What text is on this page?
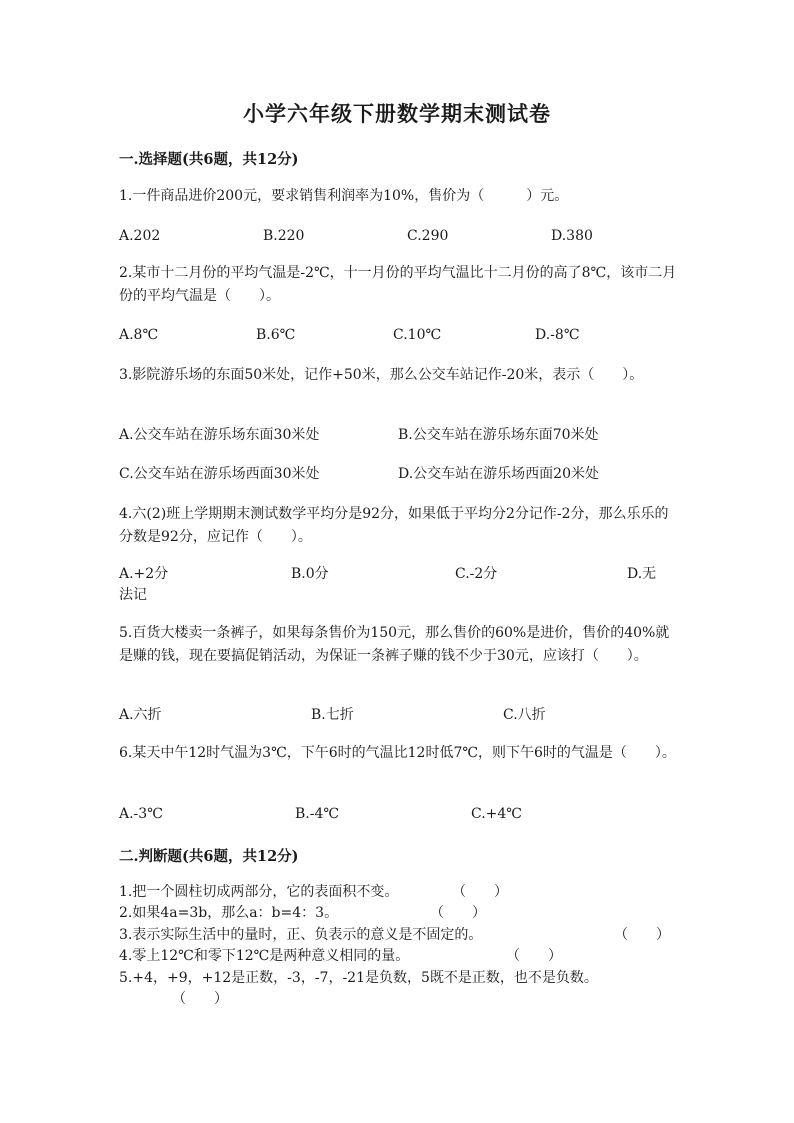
小学六年级下册数学期末测试卷
一.选择题(共6题，共12分)
1.一件商品进价200元，要求销售利润率为10%，售价为（　　　）元。
A.202	B.220	C.290	D.380
2.某市十二月份的平均气温是-2℃，十一月份的平均气温比十二月份的高了8℃，该市二月份的平均气温是（　　）。
A.8℃	B.6℃	C.10℃	D.-8℃
3.影院游乐场的东面50米处，记作+50米，那么公交车站记作-20米，表示（　　）。
A.公交车站在游乐场东面30米处	B.公交车站在游乐场东面70米处
C.公交车站在游乐场西面30米处	D.公交车站在游乐场西面20米处
4.六(2)班上学期期末测试数学平均分是92分，如果低于平均分2分记作-2分，那么乐乐的分数是92分，应记作（　　）。
A.+2分	B.0分	C.-2分	D.无
法记
5.百货大楼卖一条裤子，如果每条售价为150元，那么售价的60%是进价，售价的40%就是赚的钱，现在要搞促销活动，为保证一条裤子赚的钱不少于30元，应该打（　　）。
A.六折	B.七折	C.八折
6.某天中午12时气温为3℃，下午6时的气温比12时低7℃，则下午6时的气温是（　　）。
A.-3℃	B.-4℃	C.+4℃
二.判断题(共6题，共12分)
1.把一个圆柱切成两部分，它的表面积不变。	（　　）
2.如果4a=3b，那么a：b=4：3。	（　　）
3.表示实际生活中的量时，正、负表示的意义是不固定的。	（　　）
4.零上12℃和零下12℃是两种意义相同的量。	（　　）
5.+4，+9，+12是正数，-3，-7，-21是负数，5既不是正数，也不是负数。
（　　）
